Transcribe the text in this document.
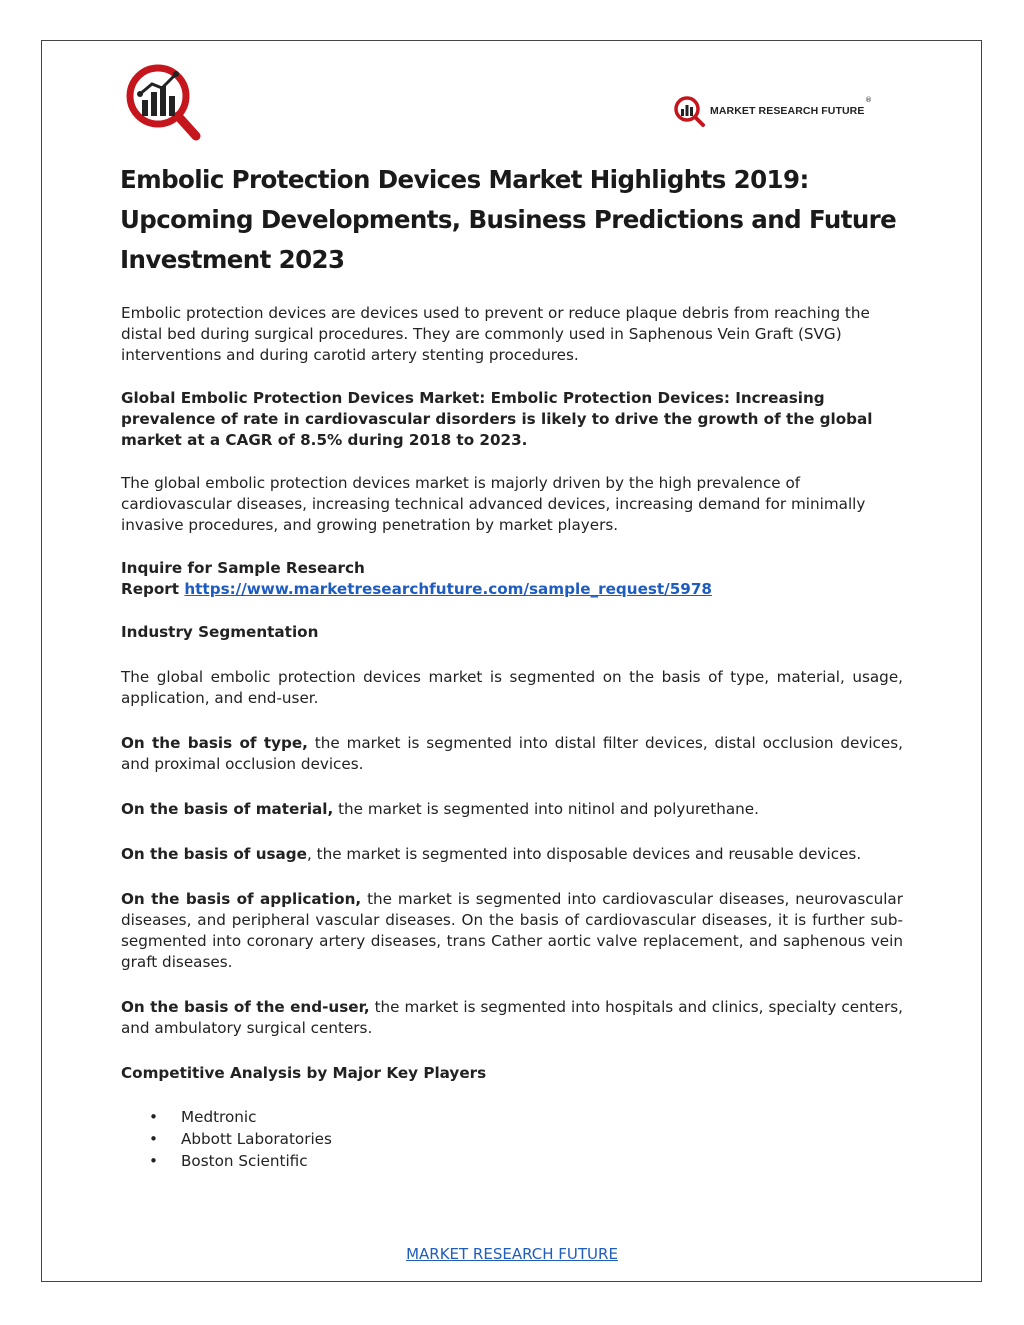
MARKET RESEARCH FUTURE
®
Embolic Protection Devices Market Highlights 2019: Upcoming Developments, Business Predictions and Future Investment 2023

Embolic protection devices are devices used to prevent or reduce plaque debris from reaching the distal bed during surgical procedures. They are commonly used in Saphenous Vein Graft (SVG) interventions and during carotid artery stenting procedures.

Global Embolic Protection Devices Market: Embolic Protection Devices: Increasing prevalence of rate in cardiovascular disorders is likely to drive the growth of the global market at a CAGR of 8.5% during 2018 to 2023.

The global embolic protection devices market is majorly driven by the high prevalence of cardiovascular diseases, increasing technical advanced devices, increasing demand for minimally invasive procedures, and growing penetration by market players.

Inquire for Sample Research
Report https://www.marketresearchfuture.com/sample_request/5978

Industry Segmentation

The global embolic protection devices market is segmented on the basis of type, material, usage, application, and end-user.

On the basis of type, the market is segmented into distal filter devices, distal occlusion devices, and proximal occlusion devices.

On the basis of material, the market is segmented into nitinol and polyurethane.

On the basis of usage, the market is segmented into disposable devices and reusable devices.

On the basis of application, the market is segmented into cardiovascular diseases, neurovascular diseases, and peripheral vascular diseases. On the basis of cardiovascular diseases, it is further sub-segmented into coronary artery diseases, trans Cather aortic valve replacement, and saphenous vein graft diseases.

On the basis of the end-user, the market is segmented into hospitals and clinics, specialty centers, and ambulatory surgical centers.

Competitive Analysis by Major Key Players

• Medtronic
• Abbott Laboratories
• Boston Scientific
MARKET RESEARCH FUTURE
